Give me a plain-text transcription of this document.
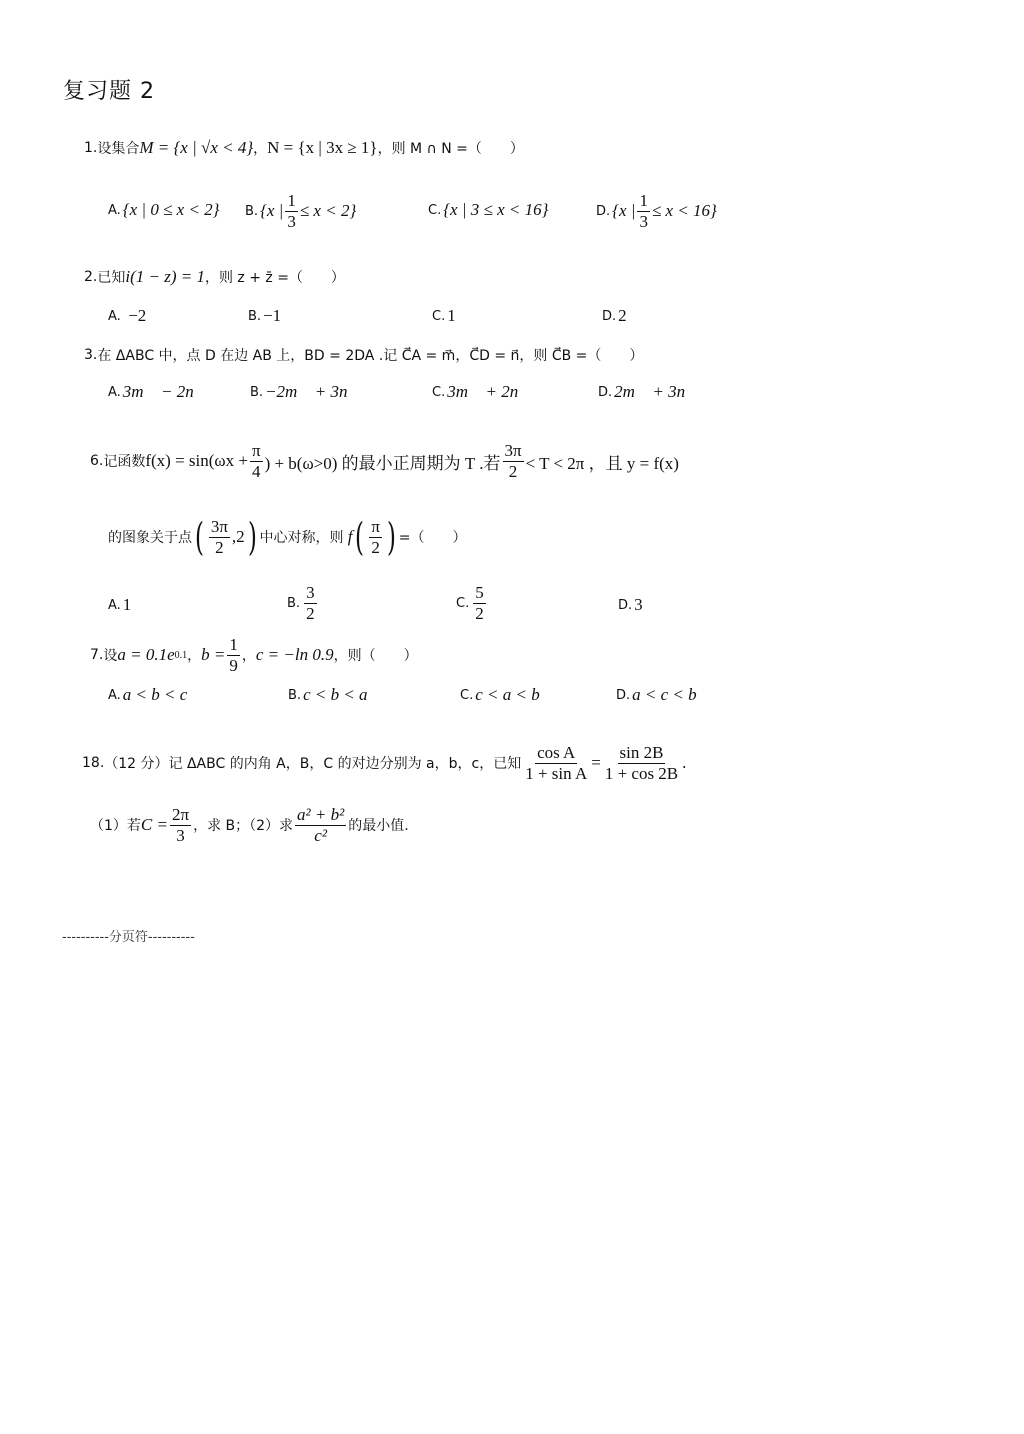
复习题 2
1. 设集合 M = {x | √x < 4} ， N = {x | 3x ≥ 1} ，则 M ∩ N =（　　）
A. {x | 0 ≤ x < 2} B. {x | $\frac{1}{3} \le x < 2$}	C. {x | 3 ≤ x < 16}	D. {x | $\frac{1}{3} \le x < 16$}
2. 已知 i(1 − z) = 1 ，则 z + z̄ =（　　）
A.
−2	B. −1	C. 1	D. 2
3. 在 ΔABC 中，点 D 在边 AB 上，BD = 2DA .记 C⃗A = m⃗，C⃗D = n⃗，则 C⃗B =（　　）
A. 3m⃗ − 2n⃗	B. −2m⃗ + 3n⃗	C. 3m⃗ + 2n⃗	D. 2m⃗ + 3n⃗
6. 记函数 $f(x) = \sin(\omega x + \frac{\pi}{4}$ ) + b(ω>0) 的最小正周期为 T .若 $\frac{3\pi}{2} < T < 2\pi$ ，且 y = f(x)
的图象关于点 ( $\frac{3\pi}{2} ,2$ ) 中心对称，则 f ( $\frac{\pi}{2}$ ) =（　　）
A. 1	B. $\frac{3}{2}$	C. $\frac{5}{2}$	D. 3
7. 设 a = 0.1e 0.1 ， $b = \frac{1}{9}$ ， c = −ln 0.9 ，则（　　）
A. a < b < c	B. c < b < a	C. c < a < b	D. a < c < b
18. （12 分） 记 ΔABC 的内角 A，B，C 的对边分别为 a，b，c，已知 $\frac{\text{cos A}}{\text{1 + sin A}} = \frac{\sin 2B}{1 + \cos 2B}$ .
（1）若 $C = \frac{2\pi}{3}$ ，求 B；（2）求 $\frac{\text{a² + b²}}{\text{c²}}$ 的最小值.
----------分页符----------
